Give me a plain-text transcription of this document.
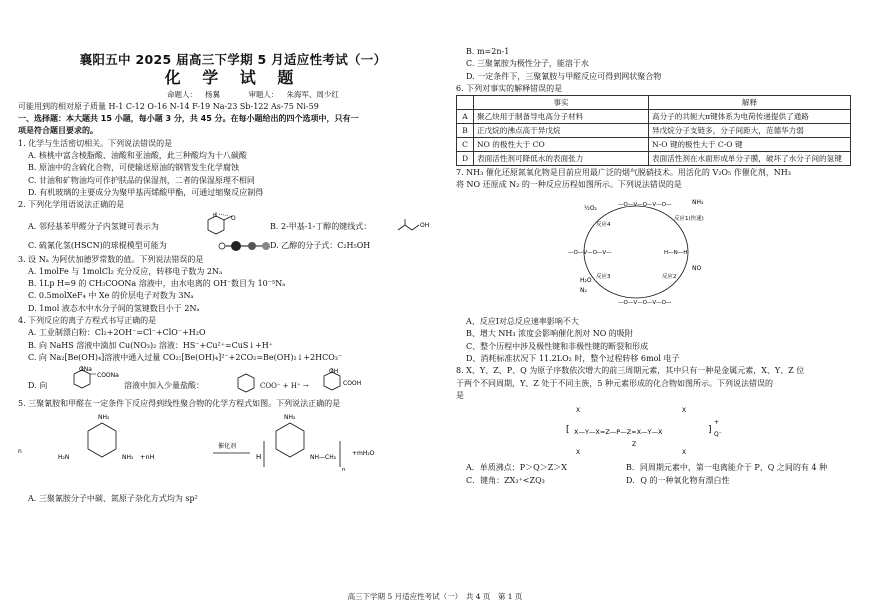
襄阳五中 2025 届高三下学期 5 月适应性考试（一）
化 学 试 题
命题人： 杨翼	审题人： 朱海军、周少红
可能用到的相对原子质量 H-1 C-12 O-16 N-14 F-19 Na-23 Sb-122 As-75 Ni-59
一、选择题：本大题共 15 小题，每小题 3 分，共 45 分。在每小题给出的四个选项中，只有一
项是符合题目要求的。
1. 化学与生活密切相关。下列说法错误的是
A. 核桃中富含棱脂酸、油酸和亚油酸，此三种酸均为十八碳酸
B. 原油中的含硫化合物，可使输送原油的钢管发生化学腐蚀
C. 甘油和矿物油均可作护肤品的保湿剂，二者的保湿原理不相同
D. 有机玻璃的主要成分为聚甲基丙烯酸甲酯，可通过缩聚反应制得
2. 下列化学用语说法正确的是
A. 邻羟基苯甲醛分子内氢键可表示为
O
H
B. 2-甲基-1-丁醇的键线式：	OH
C. 硫氰化氢(HSCN)的球棍模型可能为	D. 乙醇的分子式：C₂H₅OH
3. 设 Nₐ 为阿伏加德罗常数的值。下列说法错误的是
A. 1molFe 与 1molCl₂ 充分反应，转移电子数为 2Nₐ
B. 1Lp H=9 的 CH₃COONa 溶液中，由水电离的 OH⁻数目为 10⁻⁵Nₐ
C. 0.5molXeF₄ 中 Xe 的价层电子对数为 3Nₐ
D. 1mol 液态水中水分子间的氢键数目小于 2Nₐ
4. 下列反应的离子方程式书写正确的是
A. 工业制漂白粉：Cl₂+2OH⁻=Cl⁻+ClO⁻+H₂O
B. 向 NaHS 溶液中滴加 Cu(NO₃)₂ 溶液：HS⁻+Cu²⁺=CuS↓+H⁺
C. 向 Na₂[Be(OH)₄]溶液中通入过量 CO₂:[Be(OH)₄]²⁻+2CO₂=Be(OH)₂↓+2HCO₃⁻
D. 向
ONa
COONa
溶液中加入少量盐酸：	COO⁻ + H⁺ →
OH
COOH
5. 三聚氰胺和甲醛在一定条件下反应得到线性聚合物的化学方程式如图。下列说法正确的是
n
NH₂
H₂N	NH₂ +nH
催化剂
H
NH₂
NH—CH₂
n
+mH₂O
A. 三聚氰胺分子中碳、氮原子杂化方式均为 sp²
B. m=2n-1
C. 三聚氰胺为极性分子，能溶于水
D. 一定条件下，三聚氰胺与甲醛反应可得到网状聚合物
6. 下列对事实的解释错误的是
	事实	解释
A	聚乙炔用于制备导电高分子材料	高分子的共轭大π键体系为电荷传递提供了通路
B	正戊烷的沸点高于异戊烷	异戊烷分子支链多，分子间距大，范德华力弱
C	NO 的极性大于 CO	N-O 键的极性大于 C-O 键
D	表面活性剂可降低水的表面张力	表面活性剂在水面形成单分子膜，破坏了水分子间的氢键
7. NH₃ 催化还原氮氧化物是目前应用最广泛的烟气脱硝技术。用活化的 V₂O₅ 作催化剂，NH₃
将 NO 还原成 N₂ 的一种反应历程如图所示。下列说法错误的是
—O—V—O—V—O—
—O—V—O—V—	H—N—H
—O—V—O—V—O—
½O₂
反应4
反应1(快速)
NH₃
反应3	反应2
H₂O
N₂
NO
A、反应Ⅰ对总反应速率影响不大
B、增大 NH₃ 浓度会影响催化剂对 NO 的吸附
C、整个历程中涉及极性键和非极性键的断裂和形成
D、消耗标准状况下 11.2LO₂ 时，整个过程转移 6mol 电子
8. X、Y、Z、P、Q 为原子序数依次增大的前三周期元素，其中只有一种是金属元素，X、Y、Z 位
于两个不同周期，Y、Z 处于不同主族，5 种元素形成的化合物如图所示。下列说法错误的
是
[
X
X—Y—X=Z—P—Z=X—Y—X
X
X
X
Z
]
+
Q⁻
A．单质沸点：P＞Q＞Z＞X	B．同周期元素中，第一电离能介于 P、Q 之间的有 4 种
C．键角：ZX₃⁺<ZQ₃	D．Q 的一种氧化物有漂白性
高三下学期 5 月适应性考试（一）　共 4 页　第 1 页
